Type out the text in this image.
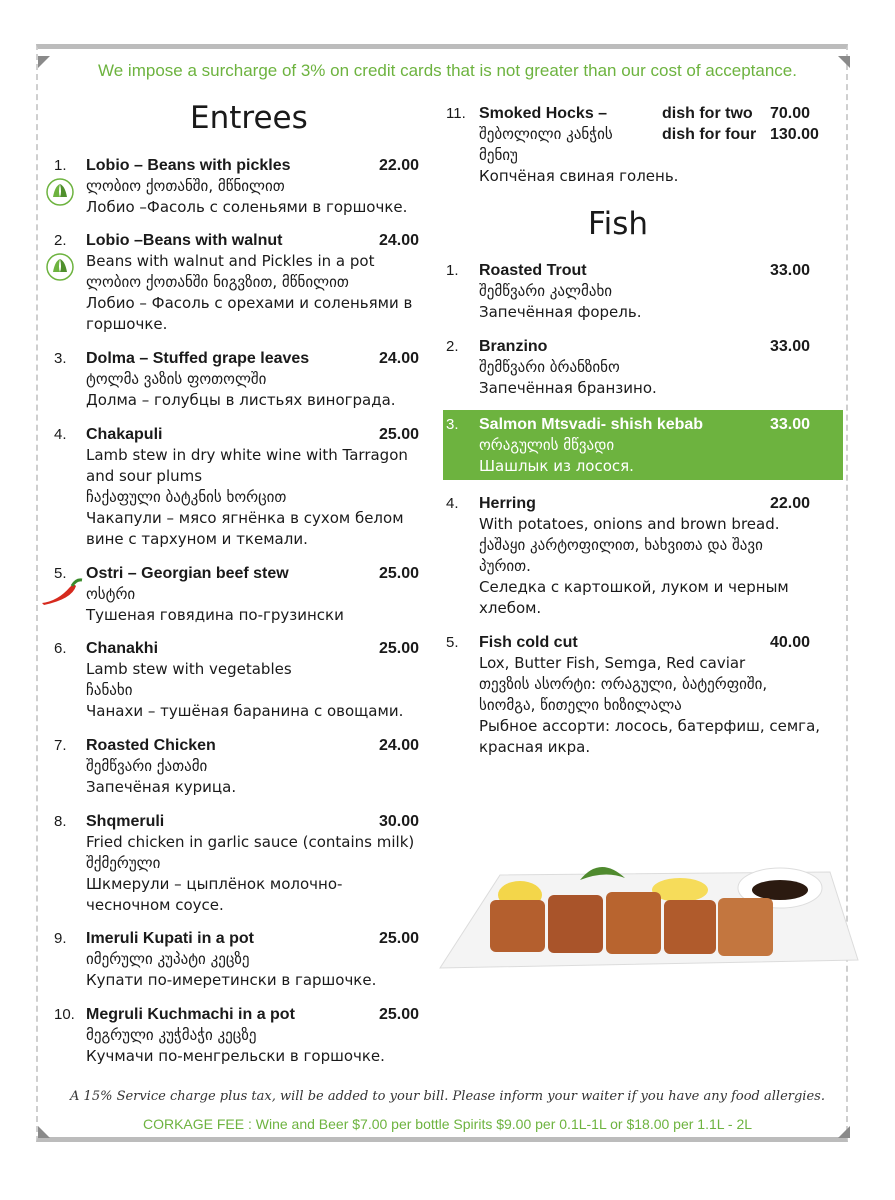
We impose a surcharge of 3% on credit cards that is not greater than our cost of acceptance.
Entrees
Fish
1. Lobio – Beans with pickles	22.00
ლობიო ქოთანში, მწნილით
Лобио –Фасоль с соленьями в горшочке.
2. Lobio –Beans with walnut	24.00
Beans with walnut and Pickles in a pot
ლობიო ქოთანში ნიგვზით, მწნილით
Лобио – Фасоль с орехами и соленьями в
горшочке.
3. Dolma – Stuffed grape leaves	24.00
ტოლმა ვაზის ფოთოლში
Долма – голубцы в листьях винограда.
4. Chakapuli	25.00
Lamb stew in dry white wine with Tarragon
and sour plums
ჩაქაფული ბატკნის ხორცით
Чакапули – мясо ягнёнка в сухом белом
вине с тархуном и ткемали.
5. Ostri – Georgian beef stew	25.00
ოსტრი
Тушеная говядина по-грузински
6. Chanakhi	25.00
Lamb stew with vegetables
ჩანახი
Чанахи – тушёная баранина с овощами.
7. Roasted Chicken	24.00
შემწვარი ქათამი
Запечёная курица.
8. Shqmeruli	30.00
Fried chicken in garlic sauce (contains milk)
შქმერული
Шкмерули – цыплёнок молочно-
чесночном соусе.
9. Imeruli Kupati in a pot	25.00
იმერული კუპატი კეცზე
Купати по-имеретински в гаршочке.
10. Megruli Kuchmachi in a pot	25.00
მეგრული კუჭმაჭი კეცზე
Кучмачи по-менгрельски в горшочке.
1. Roasted Trout	33.00
შემწვარი კალმახი
Запечённая форель.
2. Branzino	33.00
შემწვარი ბრანზინო
Запечённая бранзино.
3. Salmon Mtsvadi- shish kebab	33.00
ორაგულის მწვადი
Шашлык из лосося.
4. Herring	22.00
With potatoes, onions and brown bread.
ქაშაყი კარტოფილით, ხახვითა და შავი
პურით.
Селедка с картошкой, луком и черным
хлебом.
5. Fish cold cut	40.00
Lox, Butter Fish, Semga, Red caviar
თევზის ასორტი: ორაგული, ბატერფიში,
სიომგა, წითელი ხიზილალა
Рыбное ассорти: лосось, батерфиш, семга,
красная икра.
11. Smoked Hocks –	dish for two 70.00
dish for four 130.00
შებოლილი კანჭის
მენიუ
Копчёная свиная голень.
A 15% Service charge plus tax, will be added to your bill. Please inform your waiter if you have any food allergies.
CORKAGE FEE : Wine and Beer $7.00 per bottle Spirits $9.00 per 0.1L-1L or $18.00 per 1.1L - 2L
